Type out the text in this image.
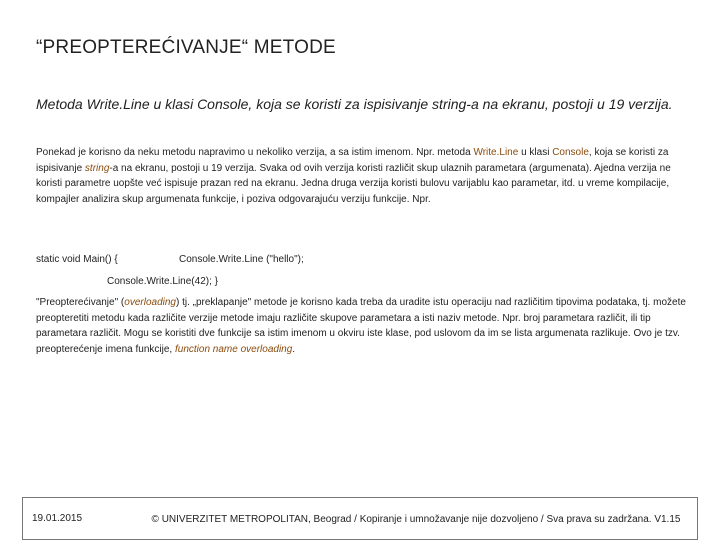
“PREOPTEREĆIVANJE“ METODE
Metoda Write.Line u klasi Console, koja se koristi za ispisivanje string-a na ekranu, postoji u 19 verzija.
Ponekad je korisno da neku metodu napravimo u nekoliko verzija, a sa istim imenom. Npr. metoda Write.Line u klasi Console, koja se koristi za ispisivanje string-a na ekranu, postoji u 19 verzija. Svaka od ovih verzija koristi različit skup ulaznih parametara (argumenata). Ajedna verzija ne koristi parametre uopšte već ispisuje prazan red na ekranu. Jedna druga verzija koristi bulovu varijablu kao parametar, itd. u vreme kompilacije, kompajler analizira skup argumenata funkcije, i poziva odgovarajuću verziju funkcije. Npr.
static void Main() {	Console.Write.Line ("hello");
Console.Write.Line(42); }
"Preopterećivanje" (overloading) tj. „preklapanje" metode je korisno kada treba da uradite istu operaciju nad različitim tipovima podataka, tj. možete preopteretiti metodu kada različite verzije metode imaju različite skupove parametara a isti naziv metode. Npr. broj parametara različit, ili tip parametara različit. Mogu se koristiti dve funkcije sa istim imenom u okviru iste klase, pod uslovom da im se lista argumenata razlikuje. Ovo je tzv. preopterećenje imena funkcije, function name overloading.
19.01.2015	© UNIVERZITET METROPOLITAN, Beograd / Kopiranje i umnožavanje nije dozvoljeno / Sva prava su zadržana. V1.15
